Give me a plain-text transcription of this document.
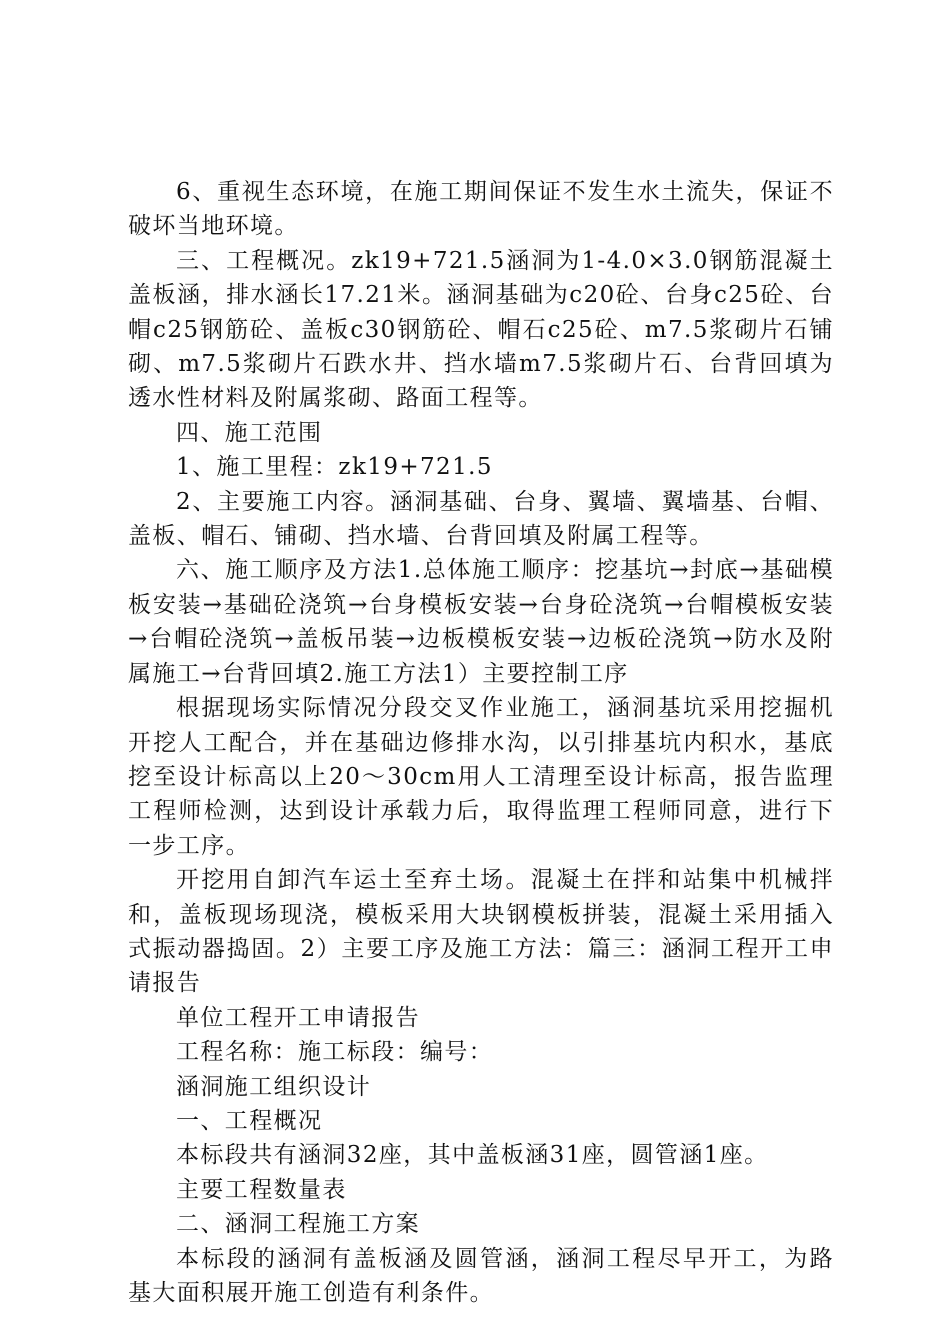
6、重视生态环境，在施工期间保证不发生水土流失，保证不破坏当地环境。

三、工程概况。zk19+721.5涵洞为1-4.0×3.0钢筋混凝土盖板涵，排水涵长17.21米。涵洞基础为c20砼、台身c25砼、台帽c25钢筋砼、盖板c30钢筋砼、帽石c25砼、m7.5浆砌片石铺砌、m7.5浆砌片石跌水井、挡水墙m7.5浆砌片石、台背回填为透水性材料及附属浆砌、路面工程等。

四、施工范围

1、施工里程：zk19+721.5

2、主要施工内容。涵洞基础、台身、翼墙、翼墙基、台帽、盖板、帽石、铺砌、挡水墙、台背回填及附属工程等。

六、施工顺序及方法1.总体施工顺序：挖基坑→封底→基础模板安装→基础砼浇筑→台身模板安装→台身砼浇筑→台帽模板安装→台帽砼浇筑→盖板吊装→边板模板安装→边板砼浇筑→防水及附属施工→台背回填2.施工方法1）主要控制工序

根据现场实际情况分段交叉作业施工，涵洞基坑采用挖掘机开挖人工配合，并在基础边修排水沟，以引排基坑内积水，基底挖至设计标高以上20～30cm用人工清理至设计标高，报告监理工程师检测，达到设计承载力后，取得监理工程师同意，进行下一步工序。

开挖用自卸汽车运土至弃土场。混凝土在拌和站集中机械拌和，盖板现场现浇，模板采用大块钢模板拼装，混凝土采用插入式振动器捣固。2）主要工序及施工方法：篇三：涵洞工程开工申请报告

单位工程开工申请报告

工程名称：施工标段：编号：

涵洞施工组织设计

一、工程概况

本标段共有涵洞32座，其中盖板涵31座，圆管涵1座。

主要工程数量表

二、涵洞工程施工方案

本标段的涵洞有盖板涵及圆管涵，涵洞工程尽早开工，为路基大面积展开施工创造有利条件。
